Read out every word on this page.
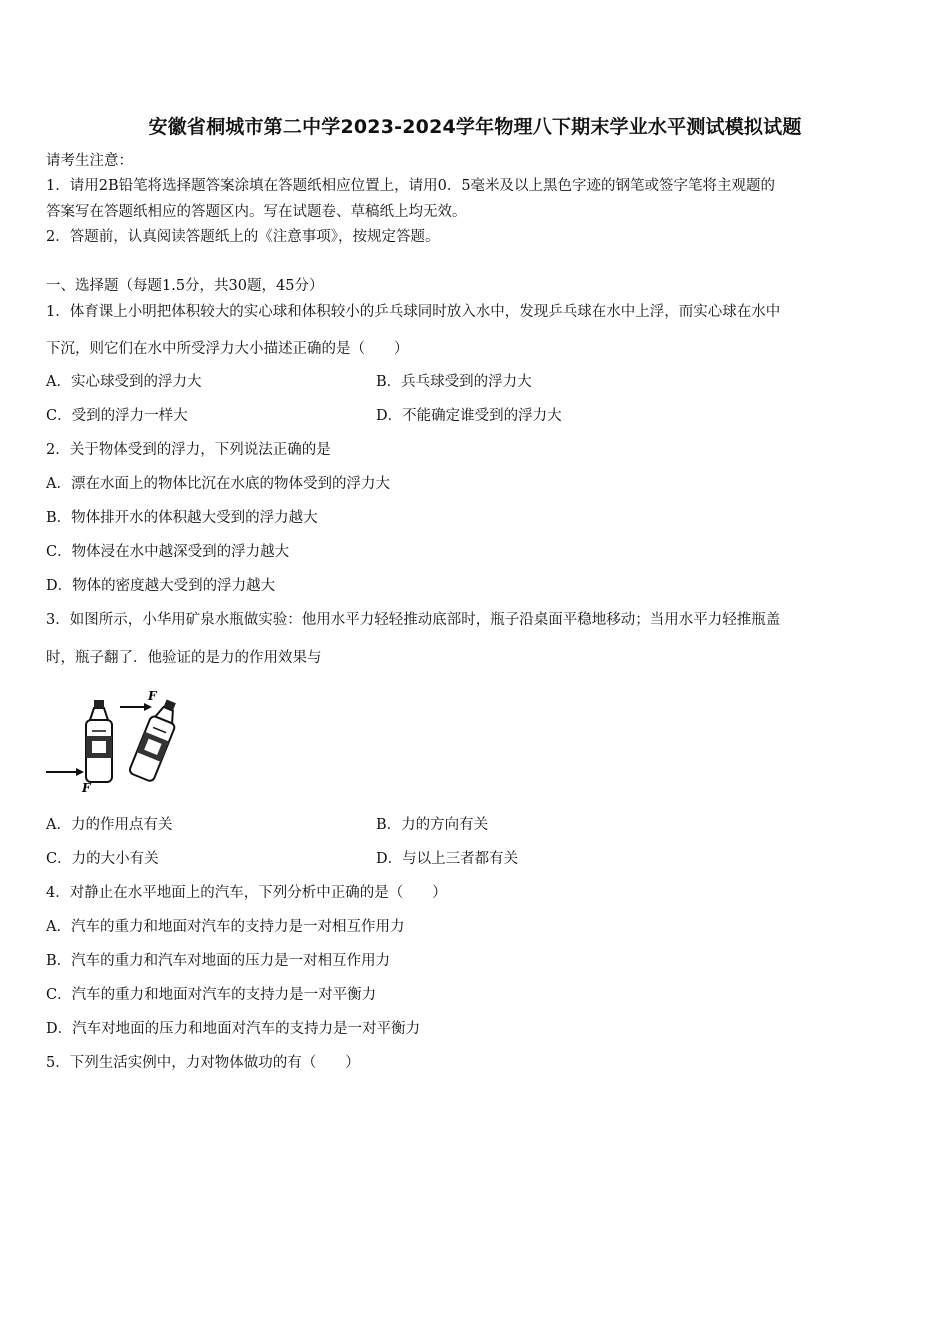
安徽省桐城市第二中学2023-2024学年物理八下期末学业水平测试模拟试题
请考生注意：
1．请用2B铅笔将选择题答案涂填在答题纸相应位置上，请用0．5毫米及以上黑色字迹的钢笔或签字笔将主观题的
答案写在答题纸相应的答题区内。写在试题卷、草稿纸上均无效。
2．答题前，认真阅读答题纸上的《注意事项》，按规定答题。
一、选择题（每题1.5分，共30题，45分）
1．体育课上小明把体积较大的实心球和体积较小的乒乓球同时放入水中，发现乒乓球在水中上浮，而实心球在水中
下沉，则它们在水中所受浮力大小描述正确的是（　　）
A．实心球受到的浮力大	B．兵乓球受到的浮力大
C．受到的浮力一样大	D．不能确定谁受到的浮力大
2．关于物体受到的浮力，下列说法正确的是
A．漂在水面上的物体比沉在水底的物体受到的浮力大
B．物体排开水的体积越大受到的浮力越大
C．物体浸在水中越深受到的浮力越大
D．物体的密度越大受到的浮力越大
3．如图所示，小华用矿泉水瓶做实验：他用水平力轻轻推动底部时，瓶子沿桌面平稳地移动；当用水平力轻推瓶盖
时，瓶子翻了．他验证的是力的作用效果与
F
F
A．力的作用点有关	B．力的方向有关
C．力的大小有关	D．与以上三者都有关
4．对静止在水平地面上的汽车，下列分析中正确的是（　　）
A．汽车的重力和地面对汽车的支持力是一对相互作用力
B．汽车的重力和汽车对地面的压力是一对相互作用力
C．汽车的重力和地面对汽车的支持力是一对平衡力
D．汽车对地面的压力和地面对汽车的支持力是一对平衡力
5．下列生活实例中，力对物体做功的有（　　）
